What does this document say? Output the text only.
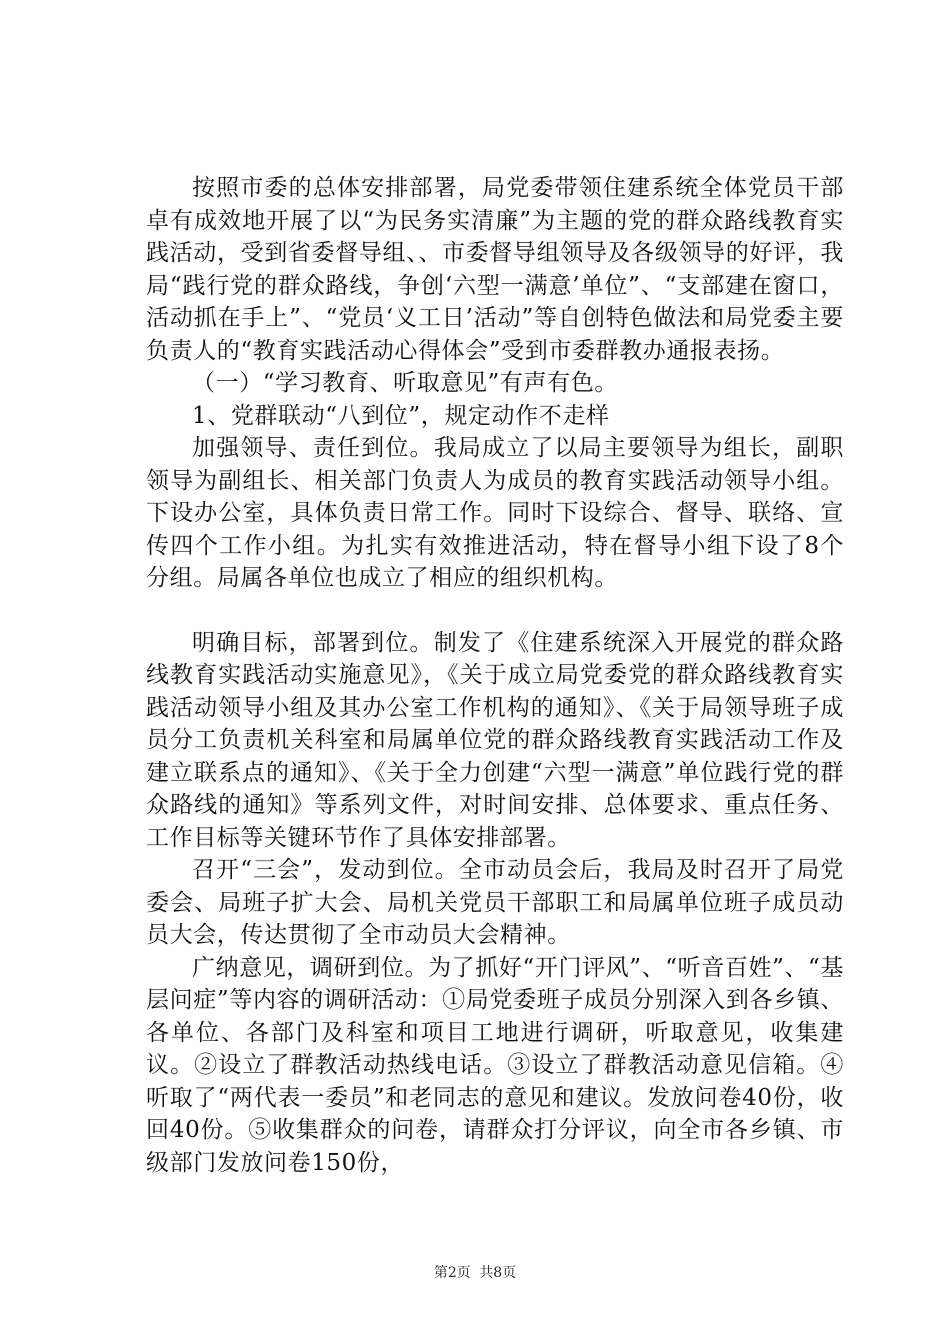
按照市委的总体安排部署，局党委带领住建系统全体党员干部卓有成效地开展了以“为民务实清廉”为主题的党的群众路线教育实践活动，受到省委督导组、、市委督导组领导及各级领导的好评，我局“践行党的群众路线，争创‘六型一满意’单位”、“支部建在窗口，活动抓在手上”、“党员‘义工日’活动”等自创特色做法和局党委主要负责人的“教育实践活动心得体会”受到市委群教办通报表扬。

（一）“学习教育、听取意见”有声有色。

1、党群联动“八到位”，规定动作不走样

加强领导、责任到位。我局成立了以局主要领导为组长，副职领导为副组长、相关部门负责人为成员的教育实践活动领导小组。下设办公室，具体负责日常工作。同时下设综合、督导、联络、宣传四个工作小组。为扎实有效推进活动，特在督导小组下设了8个分组。局属各单位也成立了相应的组织机构。

明确目标，部署到位。制发了《住建系统深入开展党的群众路线教育实践活动实施意见》，《关于成立局党委党的群众路线教育实践活动领导小组及其办公室工作机构的通知》、《关于局领导班子成员分工负责机关科室和局属单位党的群众路线教育实践活动工作及建立联系点的通知》、《关于全力创建“六型一满意”单位践行党的群众路线的通知》等系列文件，对时间安排、总体要求、重点任务、工作目标等关键环节作了具体安排部署。

召开“三会”，发动到位。全市动员会后，我局及时召开了局党委会、局班子扩大会、局机关党员干部职工和局属单位班子成员动员大会，传达贯彻了全市动员大会精神。

广纳意见，调研到位。为了抓好“开门评风”、“听音百姓”、“基层问症”等内容的调研活动：①局党委班子成员分别深入到各乡镇、各单位、各部门及科室和项目工地进行调研，听取意见，收集建议。②设立了群教活动热线电话。③设立了群教活动意见信箱。④听取了“两代表一委员”和老同志的意见和建议。发放问卷40份，收回40份。⑤收集群众的问卷，请群众打分评议，向全市各乡镇、市级部门发放问卷150份，

第2页 共8页
